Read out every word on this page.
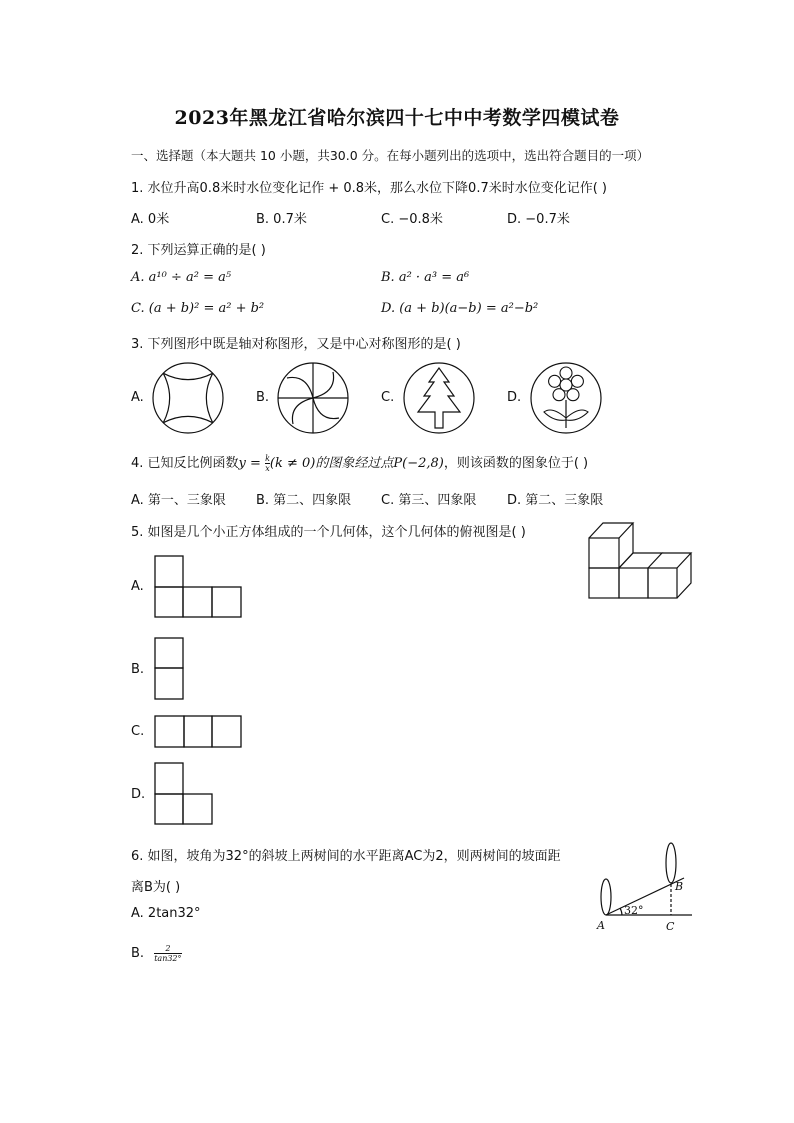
2023年黑龙江省哈尔滨四十七中中考数学四模试卷
一、选择题（本大题共 10 小题，共30.0 分。在每小题列出的选项中，选出符合题目的一项）
1. 水位升高0.8米时水位变化记作 + 0.8米，那么水位下降0.7米时水位变化记作( )
A. 0米	B. 0.7米	C. −0.8米	D. −0.7米
2. 下列运算正确的是( )
A. a¹⁰ ÷ a² = a⁵	B. a² · a³ = a⁶
C. (a + b)² = a² + b²	D. (a + b)(a−b) = a²−b²
3. 下列图形中既是轴对称图形，又是中心对称图形的是( )
A.	B.	C.	D.
4. 已知反比例函数$y = \frac{k}{x} (k \ne 0)$的图象经过点P(−2,8)，则该函数的图象位于( )
A. 第一、三象限 B. 第二、四象限 C. 第三、四象限 D. 第二、三象限
5. 如图是几个小正方体组成的一个几何体，这个几何体的俯视图是( )
A.
B.
C.
D.
6. 如图，坡角为32°的斜坡上两树间的水平距离AC为2，则两树间的坡面距
离B为( )
A. 2tan32°
B. $\frac{2}{\tan 32^\circ}$
32°
A
B
C
